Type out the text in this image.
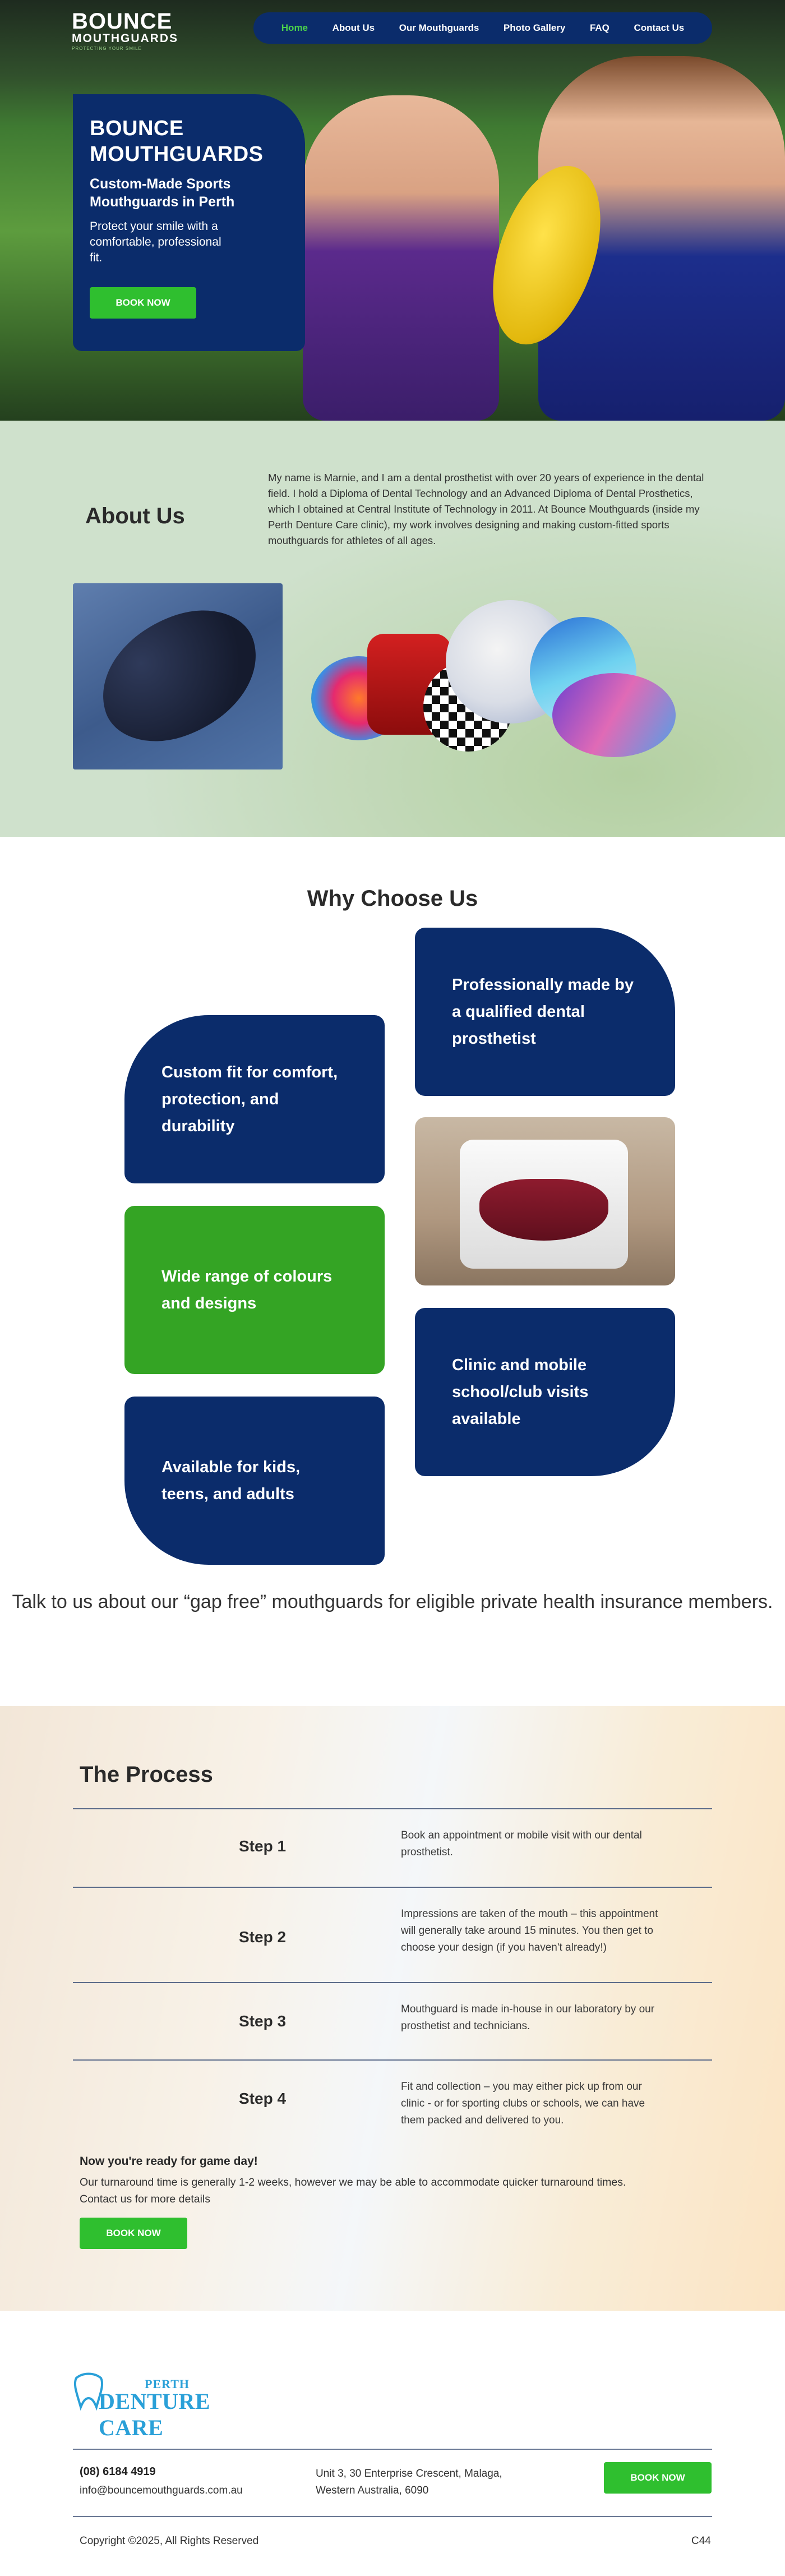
BOUNCE
MOUTHGUARDS
PROTECTING YOUR SMILE
Home	About Us	Our Mouthguards	Photo Gallery	FAQ	Contact Us
BOUNCE MOUTHGUARDS
Custom-Made Sports Mouthguards in Perth

Protect your smile with a comfortable, professional fit.

BOOK NOW
About Us

My name is Marnie, and I am a dental prosthetist with over 20 years of experience in the dental field. I hold a Diploma of Dental Technology and an Advanced Diploma of Dental Prosthetics, which I obtained at Central Institute of Technology in 2011. At Bounce Mouthguards (inside my Perth Denture Care clinic), my work involves designing and making custom-fitted sports mouthguards for athletes of all ages.

Why Choose Us
Professionally made by a qualified dental prosthetist
Custom fit for comfort, protection, and durability
Wide range of colours and designs
Clinic and mobile school/club visits available
Available for kids, teens, and adults

Talk to us about our “gap free” mouthguards for eligible private health insurance members.

The Process
Step 1
Book an appointment or mobile visit with our dental prosthetist.
Step 2
Impressions are taken of the mouth – this appointment will generally take around 15 minutes. You then get to choose your design (if you haven't already!)
Step 3
Mouthguard is made in-house in our laboratory by our prosthetist and technicians.
Step 4
Fit and collection – you may either pick up from our clinic - or for sporting clubs or schools, we can have them packed and delivered to you.
Now you're ready for game day!

Our turnaround time is generally 1-2 weeks, however we may be able to accommodate quicker turnaround times. Contact us for more details

BOOK NOW
PERTH
DENTURE CARE
(08) 6184 4919
info@bouncemouthguards.com.au
Unit 3, 30 Enterprise Crescent, Malaga, Western Australia, 6090
BOOK NOW
Copyright ©2025, All Rights Reserved	C44
